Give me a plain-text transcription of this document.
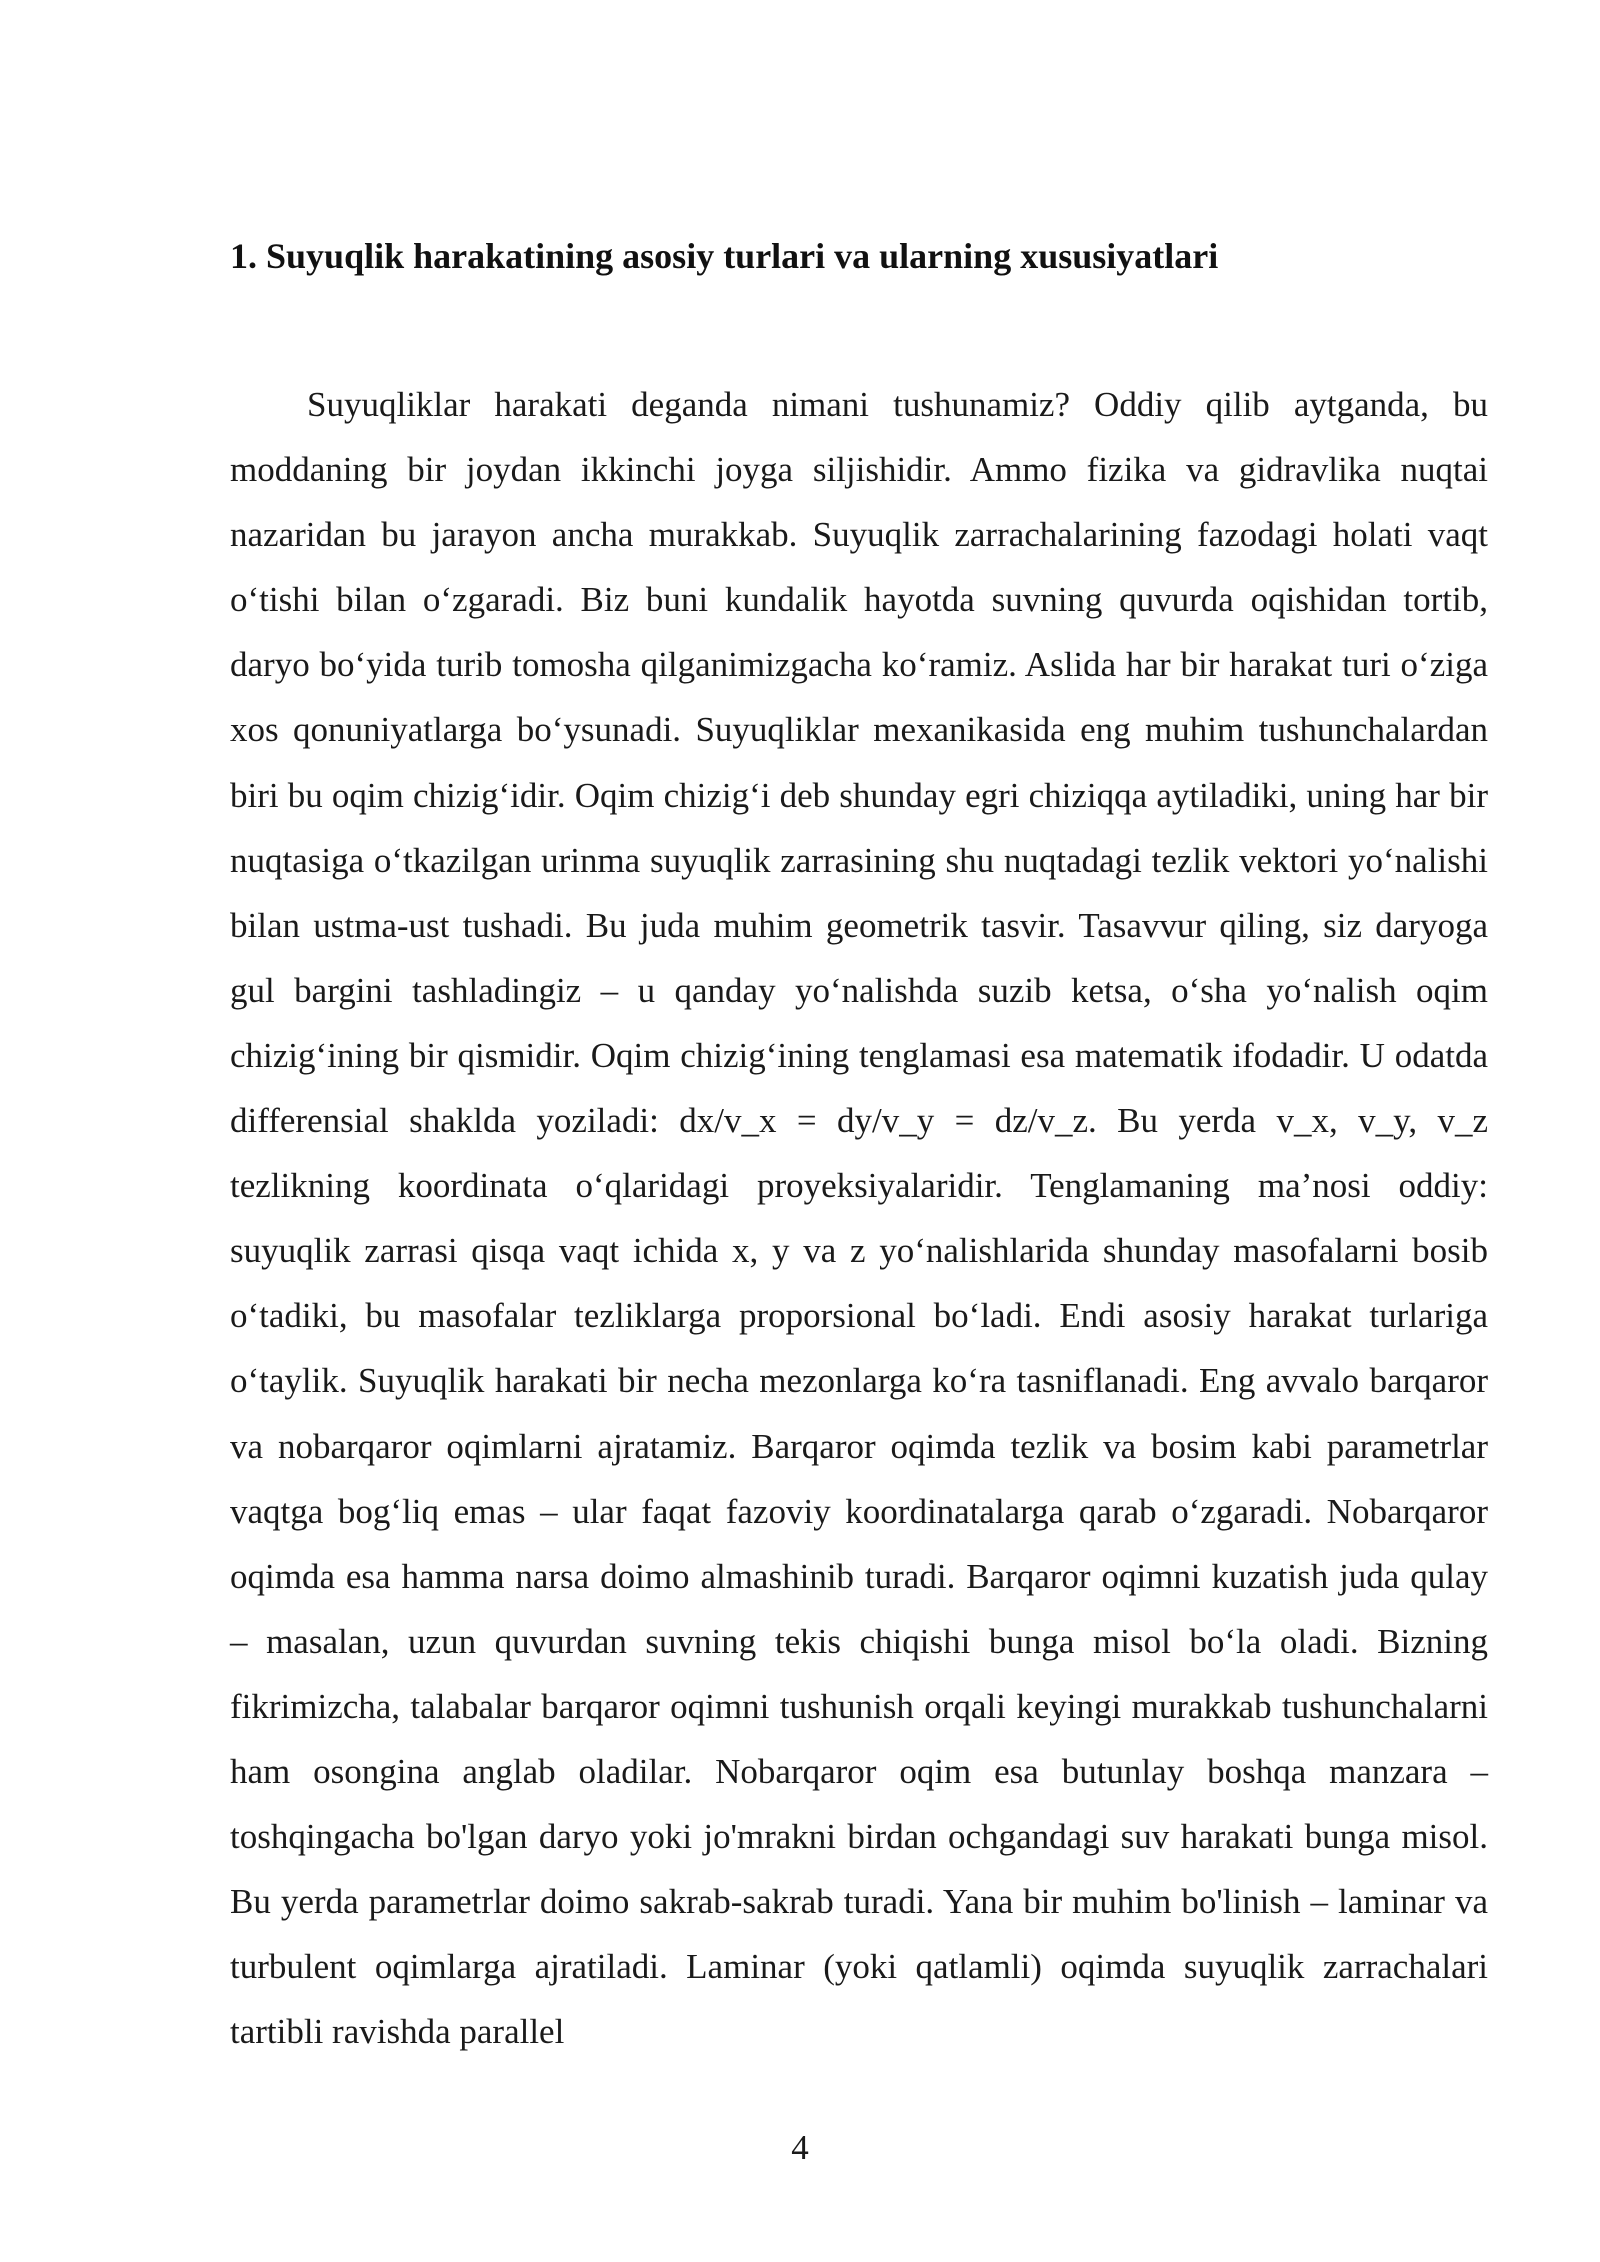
1. Suyuqlik harakatining asosiy turlari va ularning xususiyatlari

Suyuqliklar harakati deganda nimani tushunamiz? Oddiy qilib aytganda, bu moddaning bir joydan ikkinchi joyga siljishidir. Ammo fizika va gidravlika nuqtai nazaridan bu jarayon ancha murakkab. Suyuqlik zarrachalarining fazodagi holati vaqt o‘tishi bilan o‘zgaradi. Biz buni kundalik hayotda suvning quvurda oqishidan tortib, daryo bo‘yida turib tomosha qilganimizgacha ko‘ramiz. Aslida har bir harakat turi o‘ziga xos qonuniyatlarga bo‘ysunadi. Suyuqliklar mexanikasida eng muhim tushunchalardan biri bu oqim chizig‘idir. Oqim chizig‘i deb shunday egri chiziqqa aytiladiki, uning har bir nuqtasiga o‘tkazilgan urinma suyuqlik zarrasining shu nuqtadagi tezlik vektori yo‘nalishi bilan ustma-ust tushadi. Bu juda muhim geometrik tasvir. Tasavvur qiling, siz daryoga gul bargini tashladingiz – u qanday yo‘nalishda suzib ketsa, o‘sha yo‘nalish oqim chizig‘ining bir qismidir. Oqim chizig‘ining tenglamasi esa matematik ifodadir. U odatda differensial shaklda yoziladi: dx/v_x = dy/v_y = dz/v_z. Bu yerda v_x, v_y, v_z tezlikning koordinata o‘qlaridagi proyeksiyalaridir. Tenglamaning ma’nosi oddiy: suyuqlik zarrasi qisqa vaqt ichida x, y va z yo‘nalishlarida shunday masofalarni bosib o‘tadiki, bu masofalar tezliklarga proporsional bo‘ladi. Endi asosiy harakat turlariga o‘taylik. Suyuqlik harakati bir necha mezonlarga ko‘ra tasniflanadi. Eng avvalo barqaror va nobarqaror oqimlarni ajratamiz. Barqaror oqimda tezlik va bosim kabi parametrlar vaqtga bog‘liq emas – ular faqat fazoviy koordinatalarga qarab o‘zgaradi. Nobarqaror oqimda esa hamma narsa doimo almashinib turadi. Barqaror oqimni kuzatish juda qulay – masalan, uzun quvurdan suvning tekis chiqishi bunga misol bo‘la oladi. Bizning fikrimizcha, talabalar barqaror oqimni tushunish orqali keyingi murakkab tushunchalarni ham osongina anglab oladilar. Nobarqaror oqim esa butunlay boshqa manzara – toshqingacha bo'lgan daryo yoki jo'mrakni birdan ochgandagi suv harakati bunga misol. Bu yerda parametrlar doimo sakrab-sakrab turadi. Yana bir muhim bo'linish – laminar va turbulent oqimlarga ajratiladi. Laminar (yoki qatlamli) oqimda suyuqlik zarrachalari tartibli ravishda parallel

4
